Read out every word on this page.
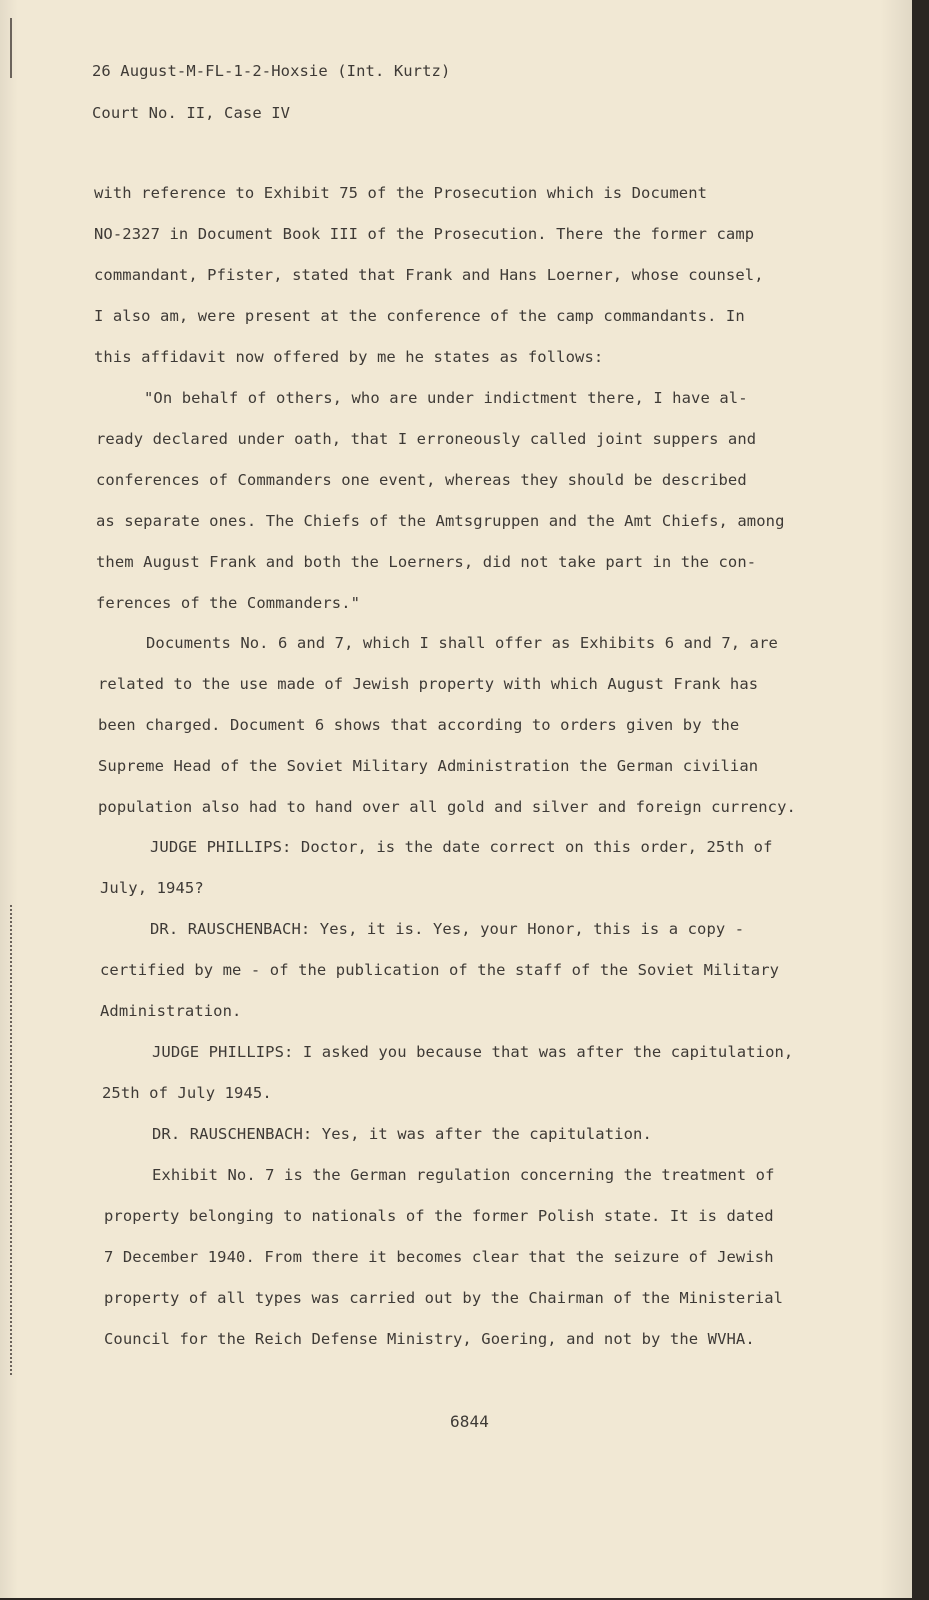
26 August-M-FL-1-2-Hoxsie (Int. Kurtz)
Court No. II, Case IV
with reference to Exhibit 75 of the Prosecution which is Document
NO-2327 in Document Book III of the Prosecution. There the former camp
commandant, Pfister, stated that Frank and Hans Loerner, whose counsel,
I also am, were present at the conference of the camp commandants. In
this affidavit now offered by me he states as follows:
"On behalf of others, who are under indictment there, I have al-
ready declared under oath, that I erroneously called joint suppers and
conferences of Commanders one event, whereas they should be described
as separate ones. The Chiefs of the Amtsgruppen and the Amt Chiefs, among
them August Frank and both the Loerners, did not take part in the con-
ferences of the Commanders."
Documents No. 6 and 7, which I shall offer as Exhibits 6 and 7, are
related to the use made of Jewish property with which August Frank has
been charged. Document 6 shows that according to orders given by the
Supreme Head of the Soviet Military Administration the German civilian
population also had to hand over all gold and silver and foreign currency.
JUDGE PHILLIPS: Doctor, is the date correct on this order, 25th of
July, 1945?
DR. RAUSCHENBACH: Yes, it is. Yes, your Honor, this is a copy -
certified by me - of the publication of the staff of the Soviet Military
Administration.
JUDGE PHILLIPS: I asked you because that was after the capitulation,
25th of July 1945.
DR. RAUSCHENBACH: Yes, it was after the capitulation.
Exhibit No. 7 is the German regulation concerning the treatment of
property belonging to nationals of the former Polish state. It is dated
7 December 1940. From there it becomes clear that the seizure of Jewish
property of all types was carried out by the Chairman of the Ministerial
Council for the Reich Defense Ministry, Goering, and not by the WVHA.
6844
